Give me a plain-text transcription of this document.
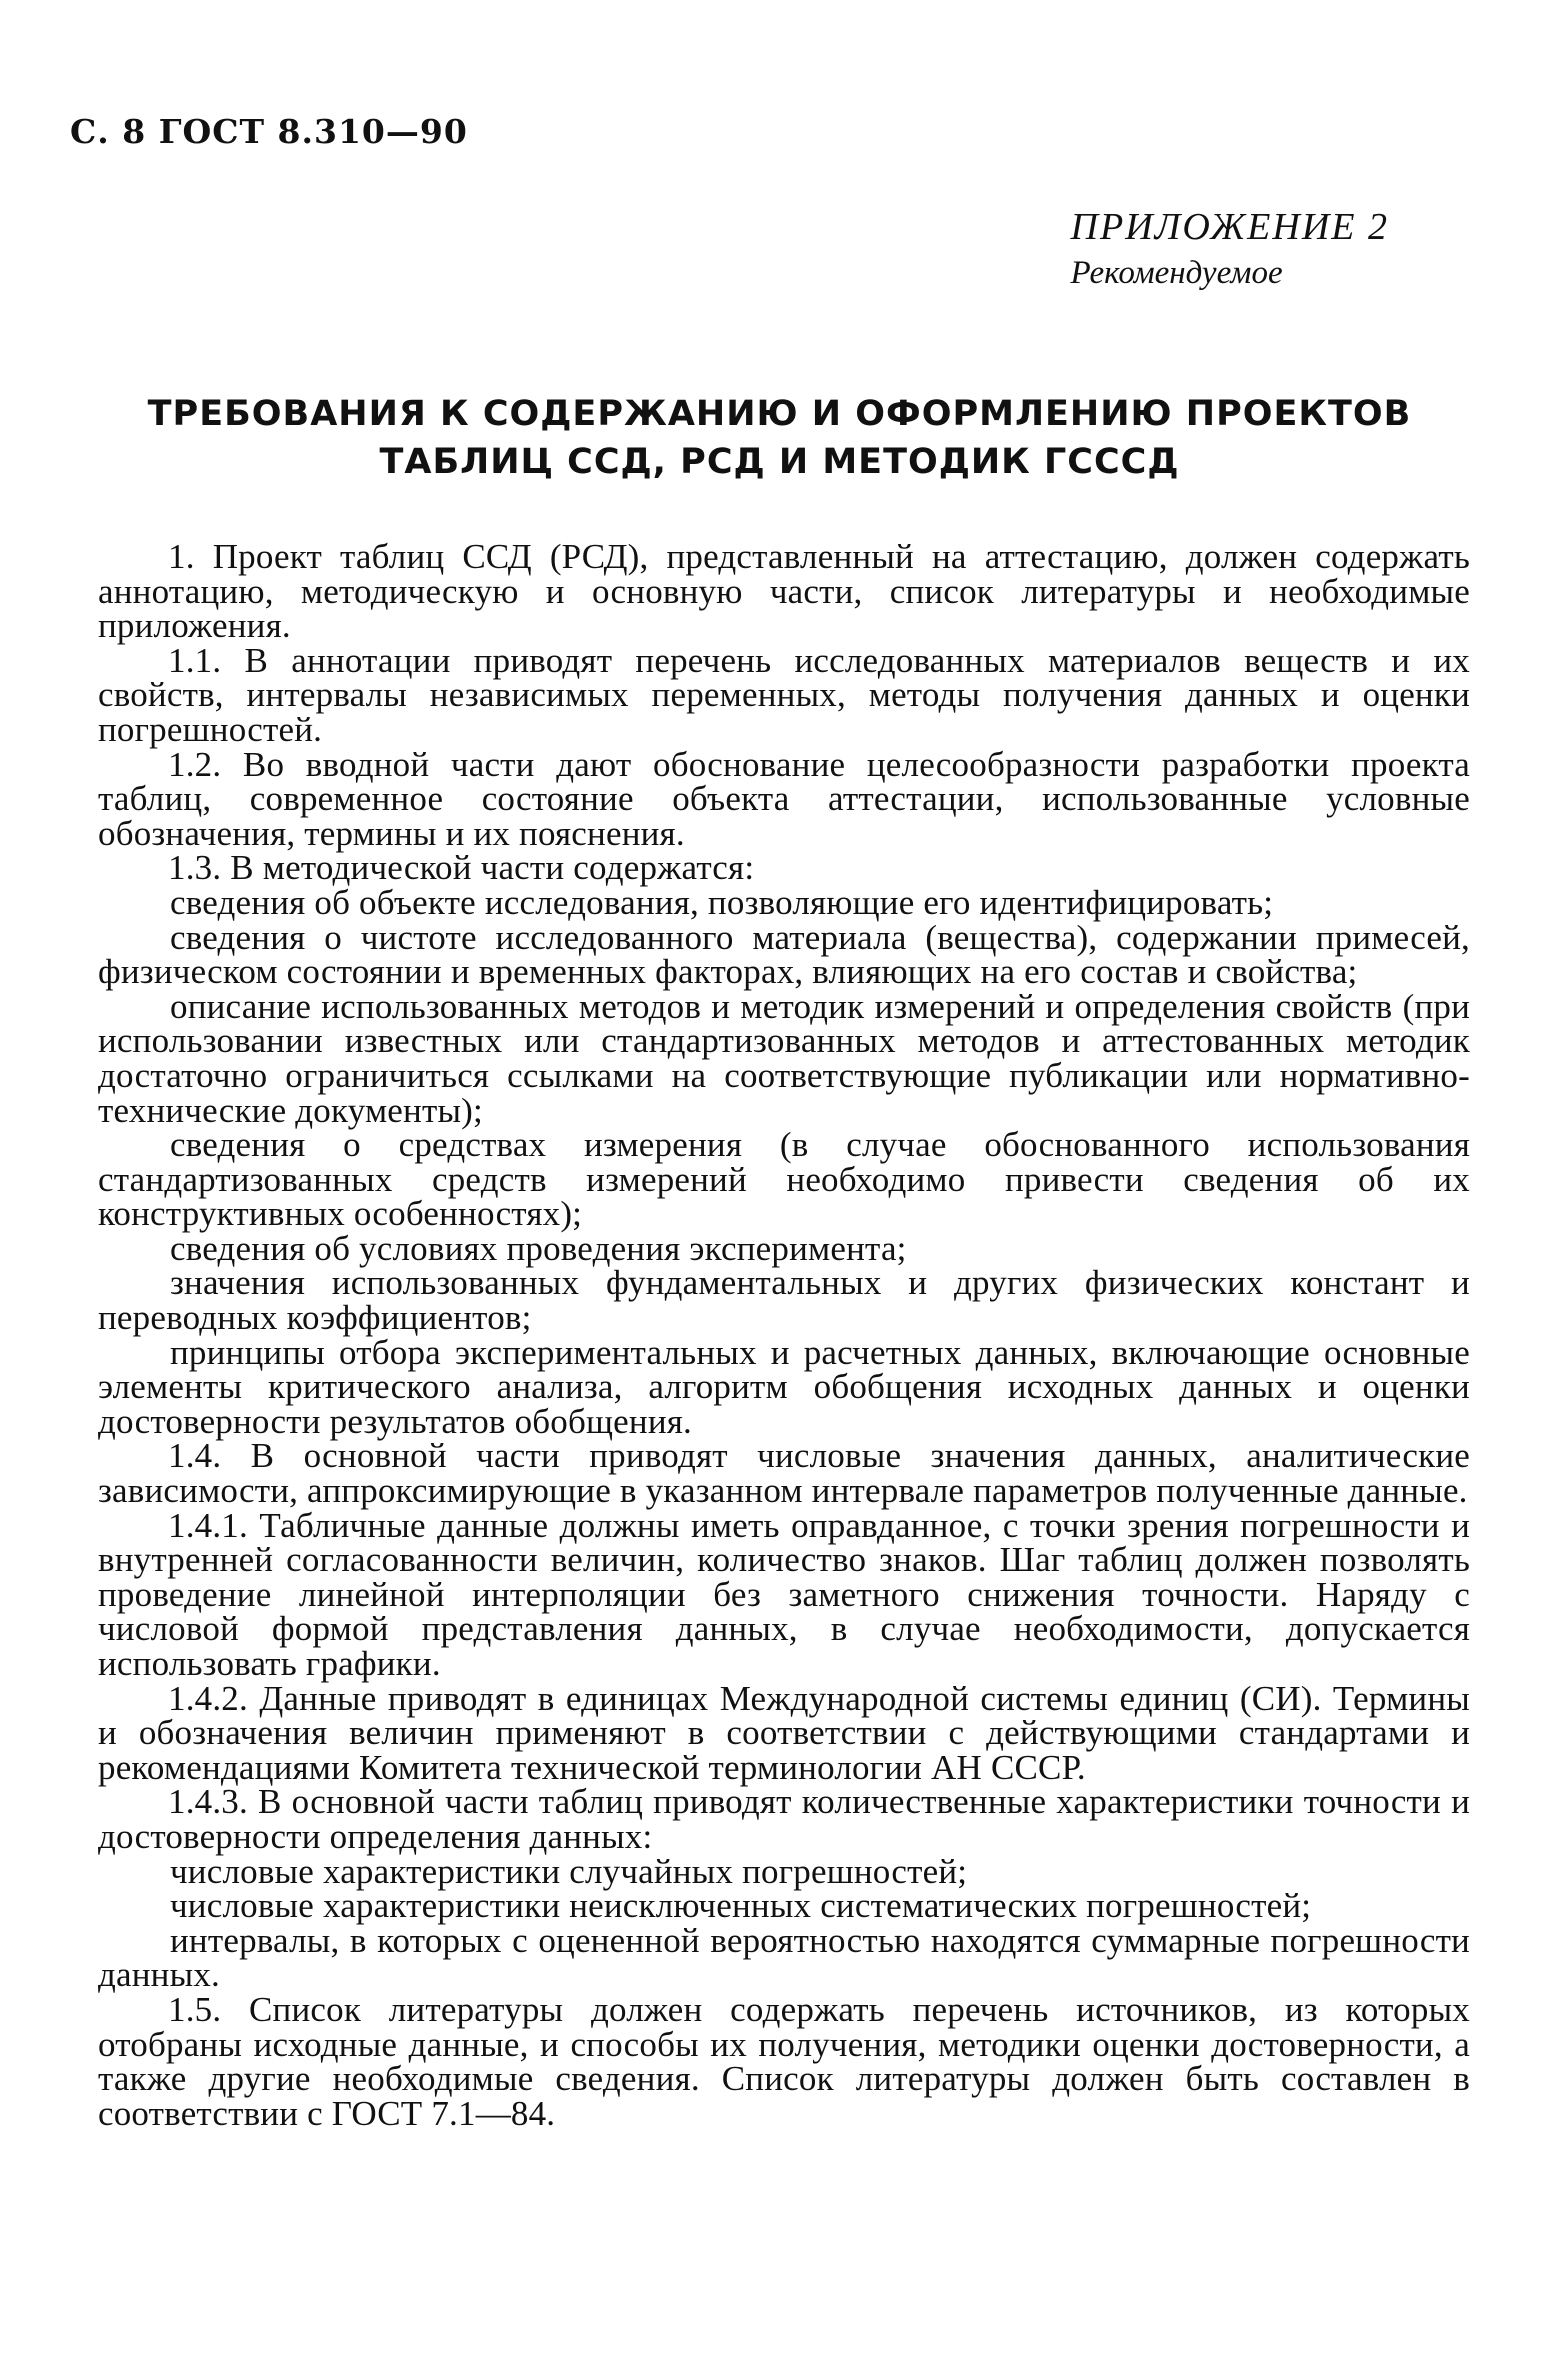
С. 8 ГОСТ 8.310—90
ПРИЛОЖЕНИЕ 2
Рекомендуемое
ТРЕБОВАНИЯ К СОДЕРЖАНИЮ И ОФОРМЛЕНИЮ ПРОЕКТОВ
ТАБЛИЦ ССД, РСД И МЕТОДИК ГСССД

1. Проект таблиц ССД (РСД), представленный на аттестацию, должен содержать аннотацию, методическую и основную части, список литературы и необходимые приложения.

1.1. В аннотации приводят перечень исследованных материалов веществ и их свойств, интервалы независимых переменных, методы получения данных и оценки погрешностей.

1.2. Во вводной части дают обоснование целесообразности разработки проекта таблиц, современное состояние объекта аттестации, использованные условные обозначения, термины и их пояснения.

1.3. В методической части содержатся:

сведения об объекте исследования, позволяющие его идентифицировать;

сведения о чистоте исследованного материала (вещества), содержании примесей, физическом состоянии и временных факторах, влияющих на его состав и свойства;

описание использованных методов и методик измерений и определения свойств (при использовании известных или стандартизованных методов и аттестованных методик достаточно ограничиться ссылками на соответствующие публикации или нормативно-технические документы);

сведения о средствах измерения (в случае обоснованного использования стандартизованных средств измерений необходимо привести сведения об их конструктивных особенностях);

сведения об условиях проведения эксперимента;

значения использованных фундаментальных и других физических констант и переводных коэффициентов;

принципы отбора экспериментальных и расчетных данных, включающие основные элементы критического анализа, алгоритм обобщения исходных данных и оценки достоверности результатов обобщения.

1.4. В основной части приводят числовые значения данных, аналитические зависимости, аппроксимирующие в указанном интервале параметров полученные данные.

1.4.1. Табличные данные должны иметь оправданное, с точки зрения погрешности и внутренней согласованности величин, количество знаков. Шаг таблиц должен позволять проведение линейной интерполяции без заметного снижения точности. Наряду с числовой формой представления данных, в случае необходимости, допускается использовать графики.

1.4.2. Данные приводят в единицах Международной системы единиц (СИ). Термины и обозначения величин применяют в соответствии с действующими стандартами и рекомендациями Комитета технической терминологии АН СССР.

1.4.3. В основной части таблиц приводят количественные характеристики точности и достоверности определения данных:

числовые характеристики случайных погрешностей;

числовые характеристики неисключенных систематических погрешностей;

интервалы, в которых с оцененной вероятностью находятся суммарные погрешности данных.

1.5. Список литературы должен содержать перечень источников, из которых отобраны исходные данные, и способы их получения, методики оценки достоверности, а также другие необходимые сведения. Список литературы должен быть составлен в соответствии с ГОСТ 7.1—84.
